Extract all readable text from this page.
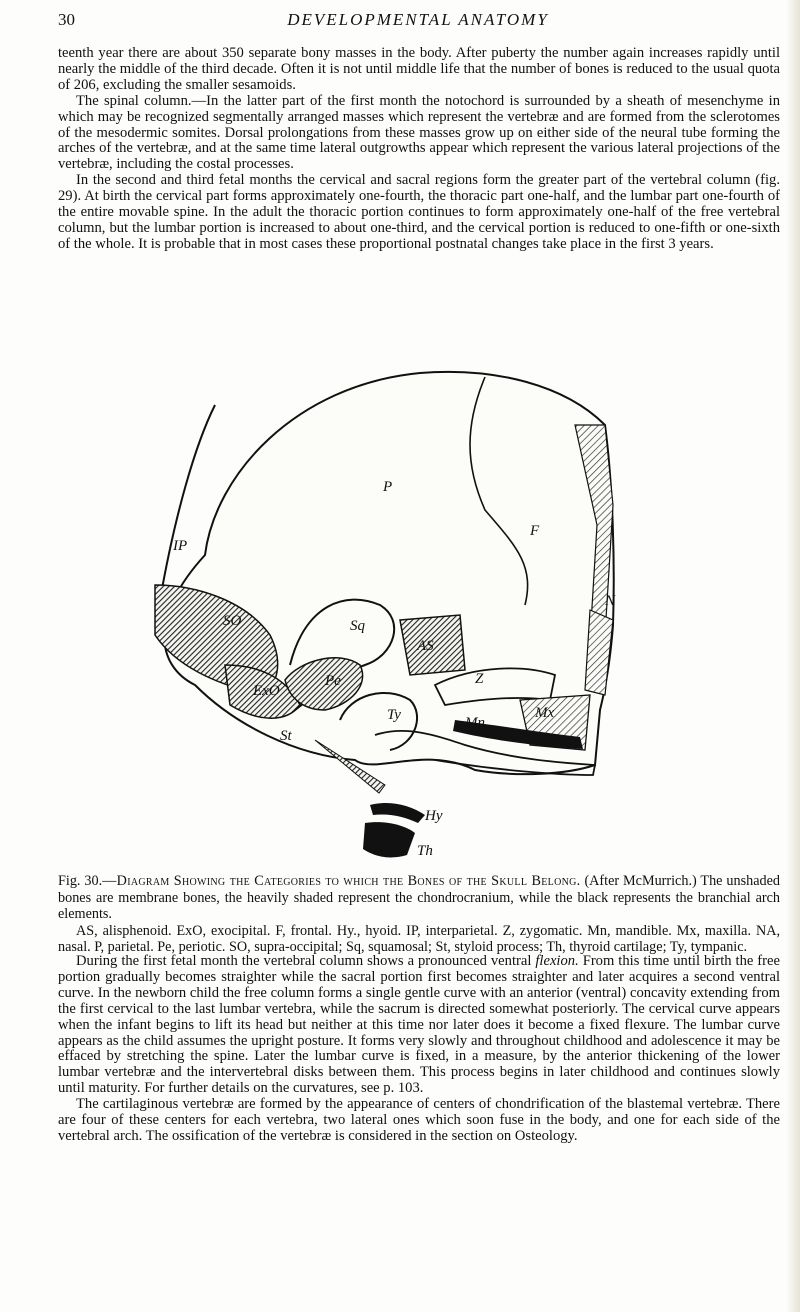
30	DEVELOPMENTAL ANATOMY

teenth year there are about 350 separate bony masses in the body. After puberty the number again increases rapidly until nearly the middle of the third decade. Often it is not until middle life that the number of bones is reduced to the usual quota of 206, excluding the smaller sesamoids.

The spinal column.—In the latter part of the first month the notochord is surrounded by a sheath of mesenchyme in which may be recognized segmentally arranged masses which represent the vertebræ and are formed from the sclerotomes of the mesodermic somites. Dorsal prolongations from these masses grow up on either side of the neural tube forming the arches of the vertebræ, and at the same time lateral outgrowths appear which represent the various lateral projections of the vertebræ, including the costal processes.

In the second and third fetal months the cervical and sacral regions form the greater part of the vertebral column (fig. 29). At birth the cervical part forms approximately one-fourth, the thoracic part one-half, and the lumbar part one-fourth of the entire movable spine. In the adult the thoracic portion continues to form approximately one-half of the free vertebral column, but the lumbar portion is increased to about one-third, and the cervical portion is reduced to one-fifth or one-sixth of the whole. It is probable that in most cases these proportional postnatal changes take place in the first 3 years.

P
IP
F
SO	Sq
AS
N
Pe	Z
ExO
Ty	Mx
St
Mn
Hy
Th

Fig. 30.—Diagram Showing the Categories to which the Bones of the Skull Belong. (After McMurrich.) The unshaded bones are membrane bones, the heavily shaded represent the chondrocranium, while the black represents the branchial arch elements.

AS, alisphenoid. ExO, exocipital. F, frontal. Hy., hyoid. IP, interparietal. Z, zygomatic. Mn, mandible. Mx, maxilla. NA, nasal. P, parietal. Pe, periotic. SO, supra-occipital; Sq, squamosal; St, styloid process; Th, thyroid cartilage; Ty, tympanic.

During the first fetal month the vertebral column shows a pronounced ventral flexion. From this time until birth the free portion gradually becomes straighter while the sacral portion first becomes straighter and later acquires a second ventral curve. In the newborn child the free column forms a single gentle curve with an anterior (ventral) concavity extending from the first cervical to the last lumbar vertebra, while the sacrum is directed somewhat posteriorly. The cervical curve appears when the infant begins to lift its head but neither at this time nor later does it become a fixed flexure. The lumbar curve appears as the child assumes the upright posture. It forms very slowly and throughout childhood and adolescence it may be effaced by stretching the spine. Later the lumbar curve is fixed, in a measure, by the anterior thickening of the lower lumbar vertebræ and the intervertebral disks between them. This process begins in later childhood and continues slowly until maturity. For further details on the curvatures, see p. 103.

The cartilaginous vertebræ are formed by the appearance of centers of chondrification of the blastemal vertebræ. There are four of these centers for each vertebra, two lateral ones which soon fuse in the body, and one for each side of the vertebral arch. The ossification of the vertebræ is considered in the section on Osteology.
